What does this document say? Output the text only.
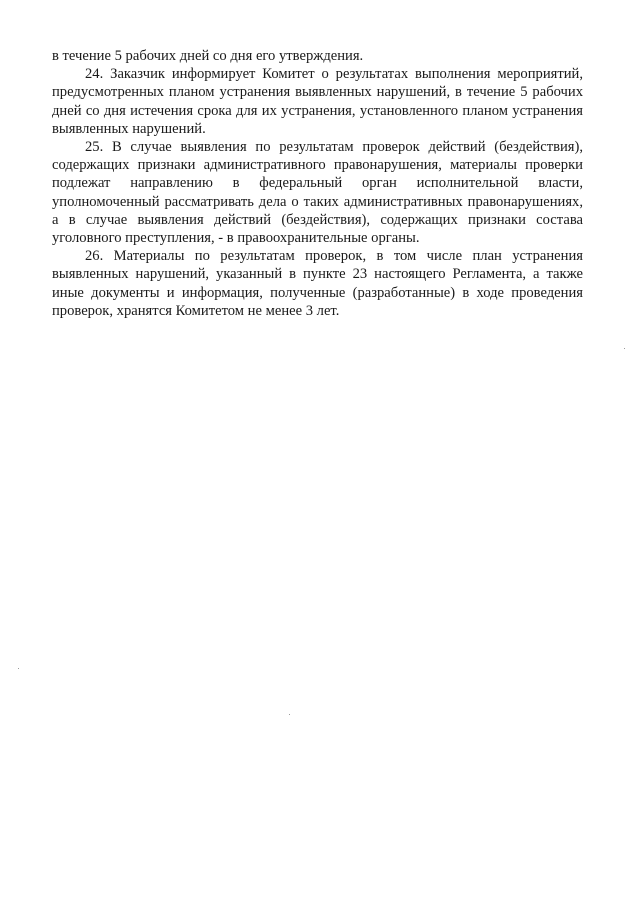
в течение 5 рабочих дней со дня его утверждения.

24. Заказчик информирует Комитет о результатах выполнения мероприятий, предусмотренных планом устранения выявленных нарушений, в течение 5 рабочих дней со дня истечения срока для их устранения, установленного планом устранения выявленных нарушений.

25. В случае выявления по результатам проверок действий (бездействия), содержащих признаки административного правонарушения, материалы проверки подлежат направлению в федеральный орган исполнительной власти, уполномоченный рассматривать дела о таких административных правонарушениях, а в случае выявления действий (бездействия), содержащих признаки состава уголовного преступления, - в правоохранительные органы.

26. Материалы по результатам проверок, в том числе план устранения выявленных нарушений, указанный в пункте 23 настоящего Регламента, а также иные документы и информация, полученные (разработанные) в ходе проведения проверок, хранятся Комитетом не менее 3 лет.
